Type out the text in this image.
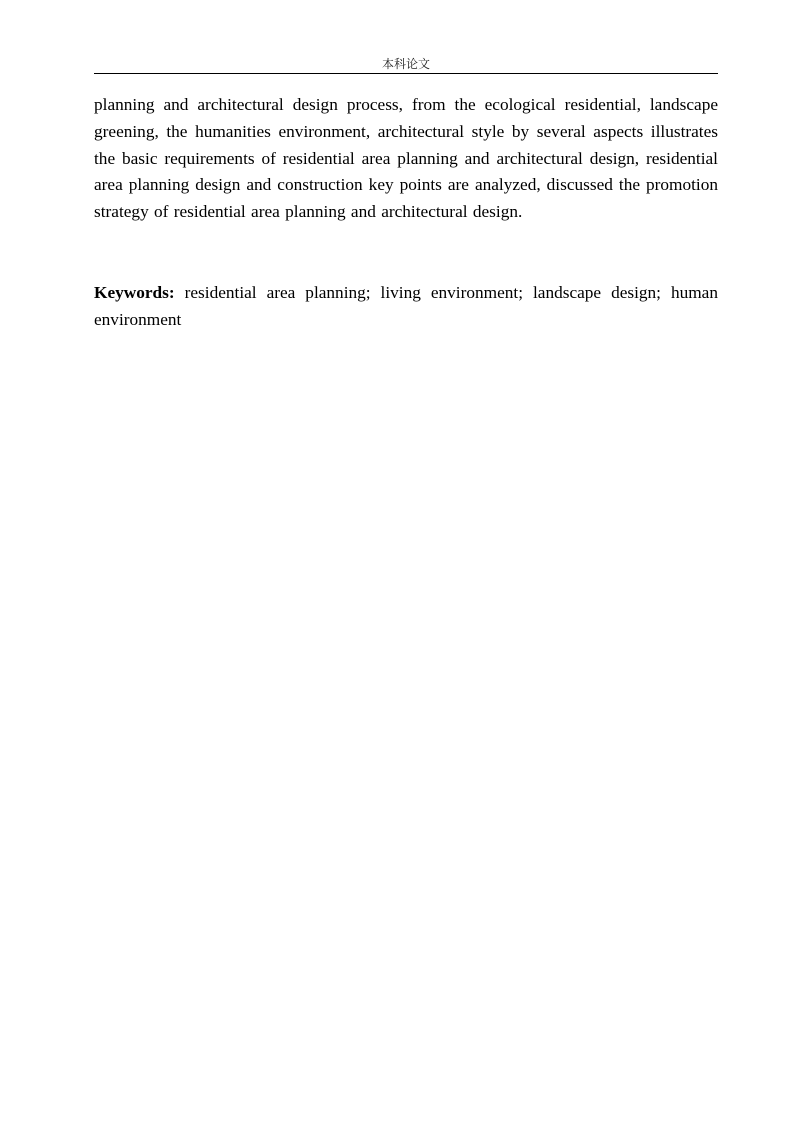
本科论文

planning and architectural design process, from the ecological residential, landscape greening, the humanities environment, architectural style by several aspects illustrates the basic requirements of residential area planning and architectural design, residential area planning design and construction key points are analyzed, discussed the promotion strategy of residential area planning and architectural design.

Keywords: residential area planning; living environment; landscape design; human environment
